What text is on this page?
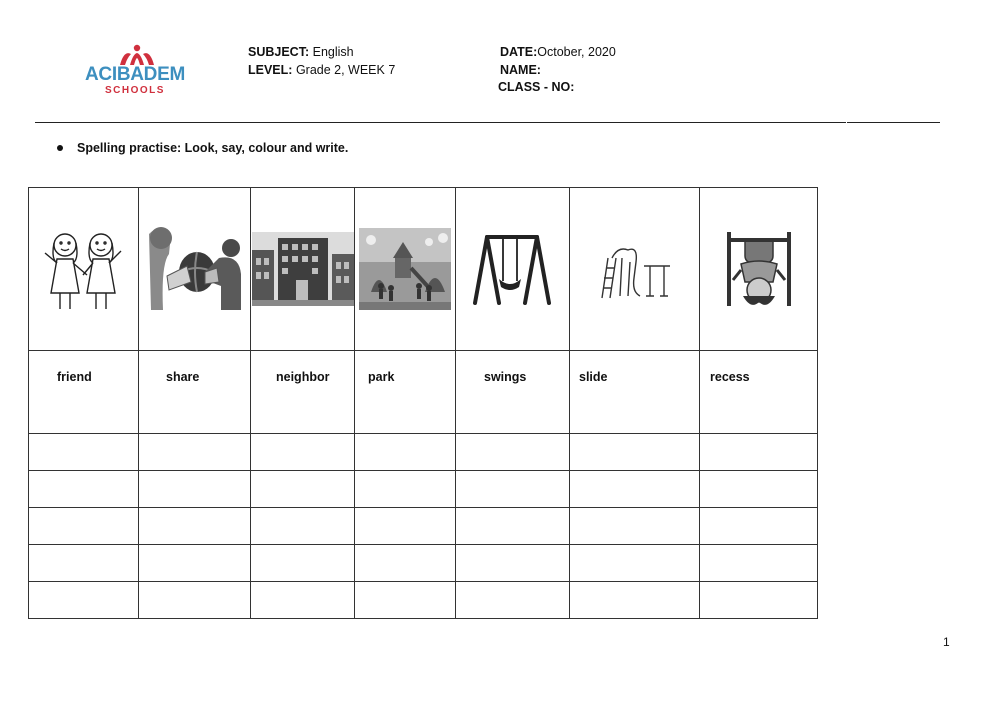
ACIBADEM
SCHOOLS
SUBJECT: English
LEVEL: Grade 2, WEEK 7
DATE:October, 2020
NAME:
CLASS - NO:
Spelling practise: Look, say, colour and write.

friend	share	neighbor	park	swings	slide	recess

1
